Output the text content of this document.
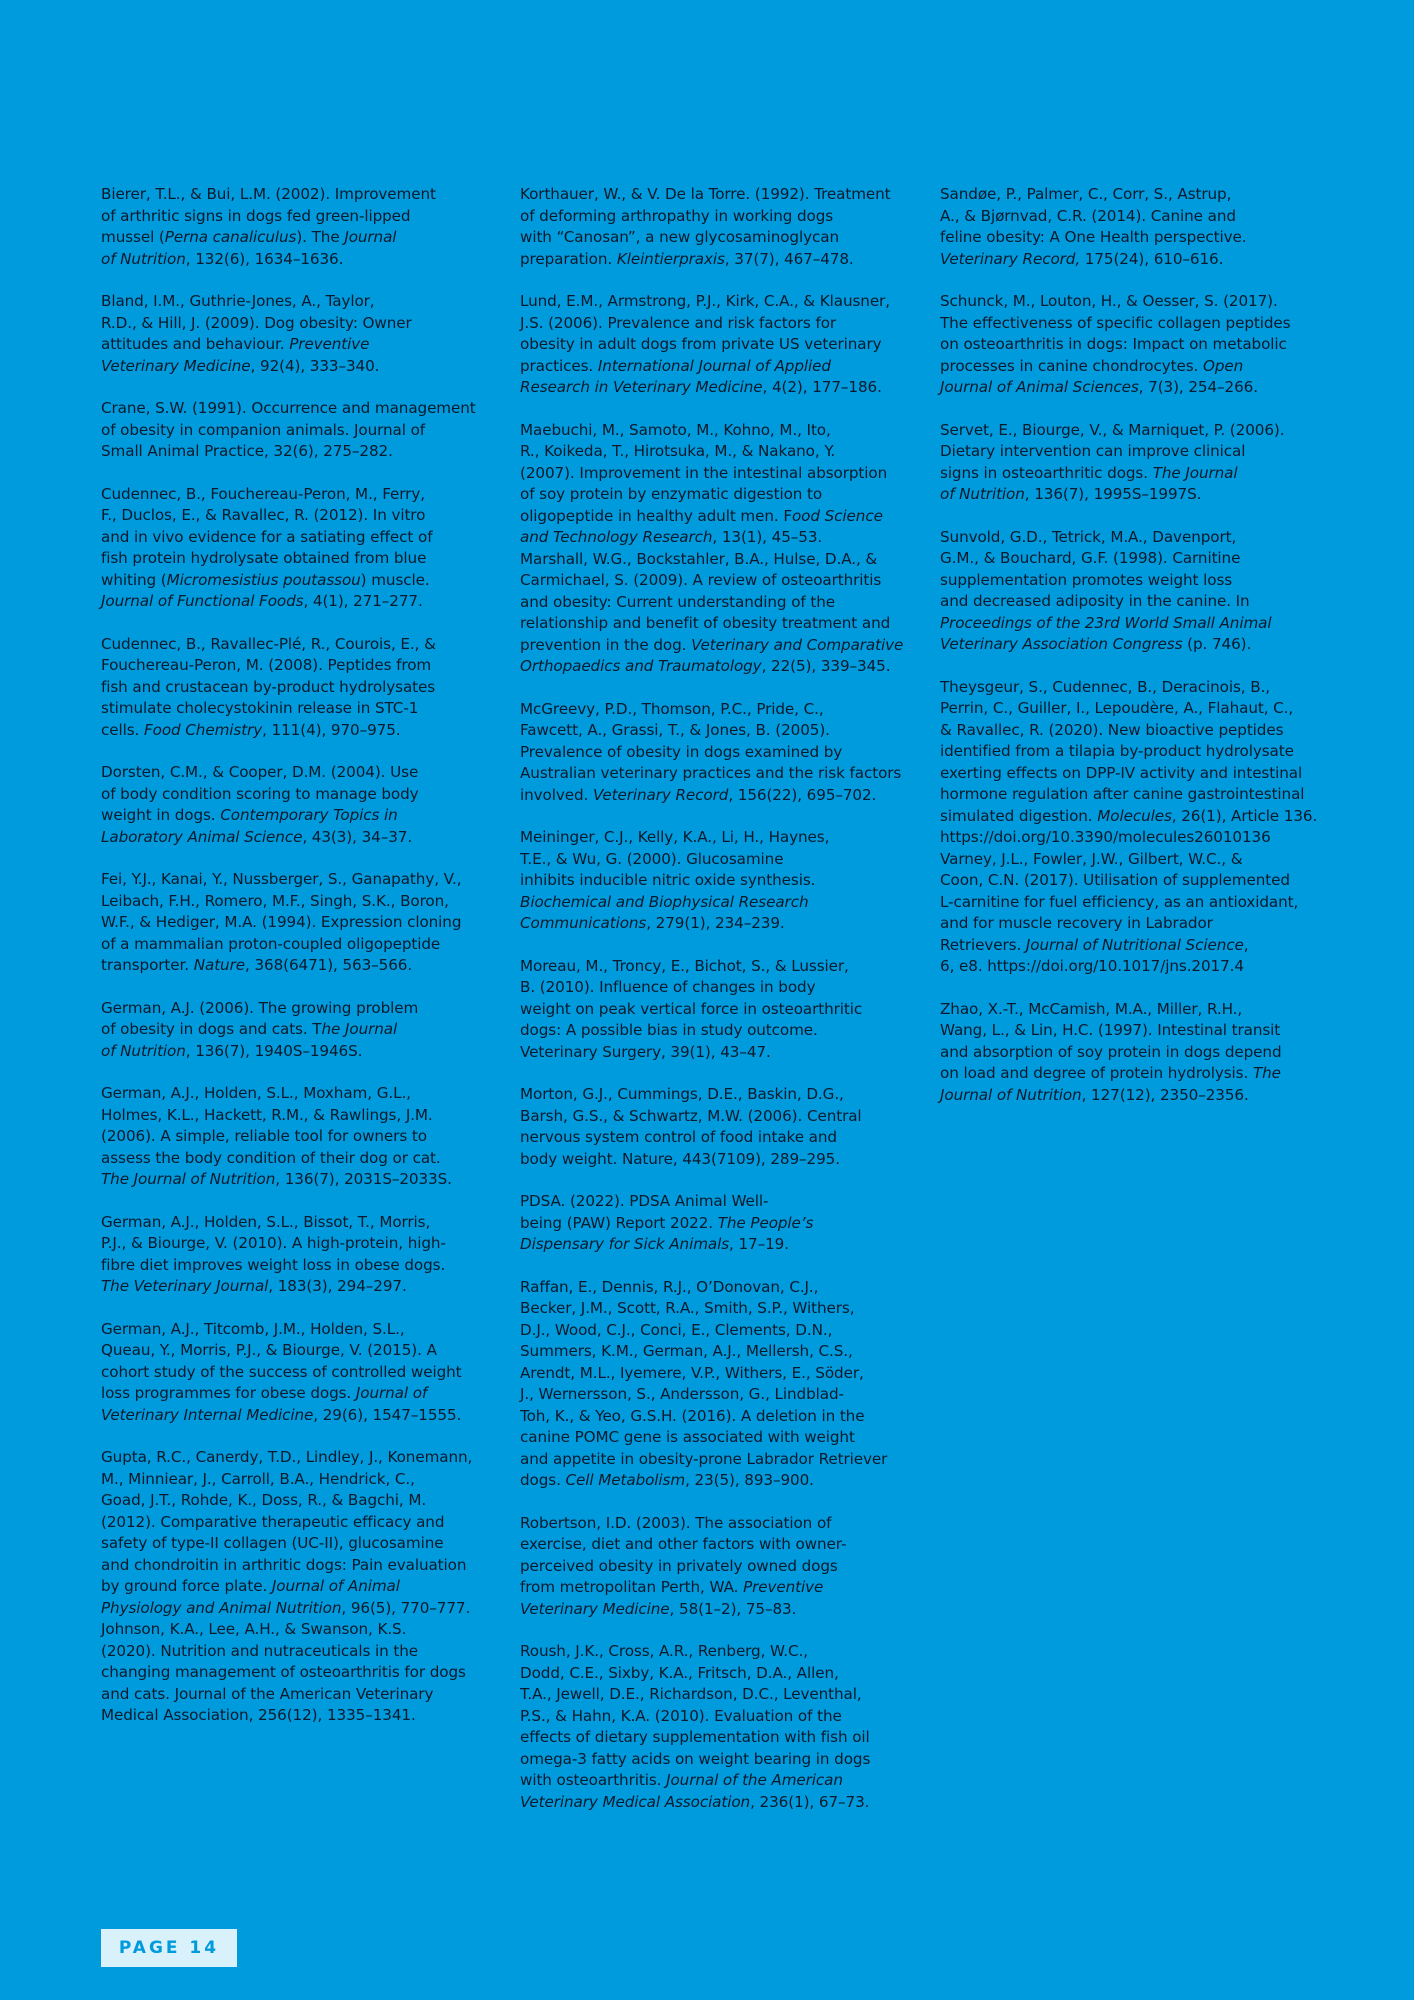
Bierer, T.L., & Bui, L.M. (2002). Improvement
of arthritic signs in dogs fed green-lipped
mussel (Perna canaliculus). The Journal
of Nutrition, 132(6), 1634–1636.

Bland, I.M., Guthrie-Jones, A., Taylor,
R.D., & Hill, J. (2009). Dog obesity: Owner
attitudes and behaviour. Preventive
Veterinary Medicine, 92(4), 333–340.

Crane, S.W. (1991). Occurrence and management
of obesity in companion animals. Journal of
Small Animal Practice, 32(6), 275–282.

Cudennec, B., Fouchereau-Peron, M., Ferry,
F., Duclos, E., & Ravallec, R. (2012). In vitro
and in vivo evidence for a satiating effect of
fish protein hydrolysate obtained from blue
whiting (Micromesistius poutassou) muscle.
Journal of Functional Foods, 4(1), 271–277.

Cudennec, B., Ravallec-Plé, R., Courois, E., &
Fouchereau-Peron, M. (2008). Peptides from
fish and crustacean by-product hydrolysates
stimulate cholecystokinin release in STC-1
cells. Food Chemistry, 111(4), 970–975.

Dorsten, C.M., & Cooper, D.M. (2004). Use
of body condition scoring to manage body
weight in dogs. Contemporary Topics in
Laboratory Animal Science, 43(3), 34–37.

Fei, Y.J., Kanai, Y., Nussberger, S., Ganapathy, V.,
Leibach, F.H., Romero, M.F., Singh, S.K., Boron,
W.F., & Hediger, M.A. (1994). Expression cloning
of a mammalian proton-coupled oligopeptide
transporter. Nature, 368(6471), 563–566.

German, A.J. (2006). The growing problem
of obesity in dogs and cats. The Journal
of Nutrition, 136(7), 1940S–1946S.

German, A.J., Holden, S.L., Moxham, G.L.,
Holmes, K.L., Hackett, R.M., & Rawlings, J.M.
(2006). A simple, reliable tool for owners to
assess the body condition of their dog or cat.
The Journal of Nutrition, 136(7), 2031S–2033S.

German, A.J., Holden, S.L., Bissot, T., Morris,
P.J., & Biourge, V. (2010). A high-protein, high-
fibre diet improves weight loss in obese dogs.
The Veterinary Journal, 183(3), 294–297.

German, A.J., Titcomb, J.M., Holden, S.L.,
Queau, Y., Morris, P.J., & Biourge, V. (2015). A
cohort study of the success of controlled weight
loss programmes for obese dogs. Journal of
Veterinary Internal Medicine, 29(6), 1547–1555.

Gupta, R.C., Canerdy, T.D., Lindley, J., Konemann,
M., Minniear, J., Carroll, B.A., Hendrick, C.,
Goad, J.T., Rohde, K., Doss, R., & Bagchi, M.
(2012). Comparative therapeutic efficacy and
safety of type-II collagen (UC-II), glucosamine
and chondroitin in arthritic dogs: Pain evaluation
by ground force plate. Journal of Animal
Physiology and Animal Nutrition, 96(5), 770–777.

Johnson, K.A., Lee, A.H., & Swanson, K.S.
(2020). Nutrition and nutraceuticals in the
changing management of osteoarthritis for dogs
and cats. Journal of the American Veterinary
Medical Association, 256(12), 1335–1341.

Korthauer, W., & V. De la Torre. (1992). Treatment
of deforming arthropathy in working dogs
with “Canosan”, a new glycosaminoglycan
preparation. Kleintierpraxis, 37(7), 467–478.

Lund, E.M., Armstrong, P.J., Kirk, C.A., & Klausner,
J.S. (2006). Prevalence and risk factors for
obesity in adult dogs from private US veterinary
practices. International Journal of Applied
Research in Veterinary Medicine, 4(2), 177–186.

Maebuchi, M., Samoto, M., Kohno, M., Ito,
R., Koikeda, T., Hirotsuka, M., & Nakano, Y.
(2007). Improvement in the intestinal absorption
of soy protein by enzymatic digestion to
oligopeptide in healthy adult men. Food Science
and Technology Research, 13(1), 45–53.

Marshall, W.G., Bockstahler, B.A., Hulse, D.A., &
Carmichael, S. (2009). A review of osteoarthritis
and obesity: Current understanding of the
relationship and benefit of obesity treatment and
prevention in the dog. Veterinary and Comparative
Orthopaedics and Traumatology, 22(5), 339–345.

McGreevy, P.D., Thomson, P.C., Pride, C.,
Fawcett, A., Grassi, T., & Jones, B. (2005).
Prevalence of obesity in dogs examined by
Australian veterinary practices and the risk factors
involved. Veterinary Record, 156(22), 695–702.

Meininger, C.J., Kelly, K.A., Li, H., Haynes,
T.E., & Wu, G. (2000). Glucosamine
inhibits inducible nitric oxide synthesis.
Biochemical and Biophysical Research
Communications, 279(1), 234–239.

Moreau, M., Troncy, E., Bichot, S., & Lussier,
B. (2010). Influence of changes in body
weight on peak vertical force in osteoarthritic
dogs: A possible bias in study outcome.
Veterinary Surgery, 39(1), 43–47.

Morton, G.J., Cummings, D.E., Baskin, D.G.,
Barsh, G.S., & Schwartz, M.W. (2006). Central
nervous system control of food intake and
body weight. Nature, 443(7109), 289–295.

PDSA. (2022). PDSA Animal Well-
being (PAW) Report 2022. The People’s
Dispensary for Sick Animals, 17–19.

Raffan, E., Dennis, R.J., O’Donovan, C.J.,
Becker, J.M., Scott, R.A., Smith, S.P., Withers,
D.J., Wood, C.J., Conci, E., Clements, D.N.,
Summers, K.M., German, A.J., Mellersh, C.S.,
Arendt, M.L., Iyemere, V.P., Withers, E., Söder,
J., Wernersson, S., Andersson, G., Lindblad-
Toh, K., & Yeo, G.S.H. (2016). A deletion in the
canine POMC gene is associated with weight
and appetite in obesity-prone Labrador Retriever
dogs. Cell Metabolism, 23(5), 893–900.

Robertson, I.D. (2003). The association of
exercise, diet and other factors with owner-
perceived obesity in privately owned dogs
from metropolitan Perth, WA. Preventive
Veterinary Medicine, 58(1–2), 75–83.

Roush, J.K., Cross, A.R., Renberg, W.C.,
Dodd, C.E., Sixby, K.A., Fritsch, D.A., Allen,
T.A., Jewell, D.E., Richardson, D.C., Leventhal,
P.S., & Hahn, K.A. (2010). Evaluation of the
effects of dietary supplementation with fish oil
omega-3 fatty acids on weight bearing in dogs
with osteoarthritis. Journal of the American
Veterinary Medical Association, 236(1), 67–73.

Sandøe, P., Palmer, C., Corr, S., Astrup,
A., & Bjørnvad, C.R. (2014). Canine and
feline obesity: A One Health perspective.
Veterinary Record, 175(24), 610–616.

Schunck, M., Louton, H., & Oesser, S. (2017).
The effectiveness of specific collagen peptides
on osteoarthritis in dogs: Impact on metabolic
processes in canine chondrocytes. Open
Journal of Animal Sciences, 7(3), 254–266.

Servet, E., Biourge, V., & Marniquet, P. (2006).
Dietary intervention can improve clinical
signs in osteoarthritic dogs. The Journal
of Nutrition, 136(7), 1995S–1997S.

Sunvold, G.D., Tetrick, M.A., Davenport,
G.M., & Bouchard, G.F. (1998). Carnitine
supplementation promotes weight loss
and decreased adiposity in the canine. In
Proceedings of the 23rd World Small Animal
Veterinary Association Congress (p. 746).

Theysgeur, S., Cudennec, B., Deracinois, B.,
Perrin, C., Guiller, I., Lepoudère, A., Flahaut, C.,
& Ravallec, R. (2020). New bioactive peptides
identified from a tilapia by-product hydrolysate
exerting effects on DPP-IV activity and intestinal
hormone regulation after canine gastrointestinal
simulated digestion. Molecules, 26(1), Article 136.
https://doi.org/10.3390/molecules26010136

Varney, J.L., Fowler, J.W., Gilbert, W.C., &
Coon, C.N. (2017). Utilisation of supplemented
L-carnitine for fuel efficiency, as an antioxidant,
and for muscle recovery in Labrador
Retrievers. Journal of Nutritional Science,
6, e8. https://doi.org/10.1017/jns.2017.4

Zhao, X.-T., McCamish, M.A., Miller, R.H.,
Wang, L., & Lin, H.C. (1997). Intestinal transit
and absorption of soy protein in dogs depend
on load and degree of protein hydrolysis. The
Journal of Nutrition, 127(12), 2350–2356.

PAGE 14
